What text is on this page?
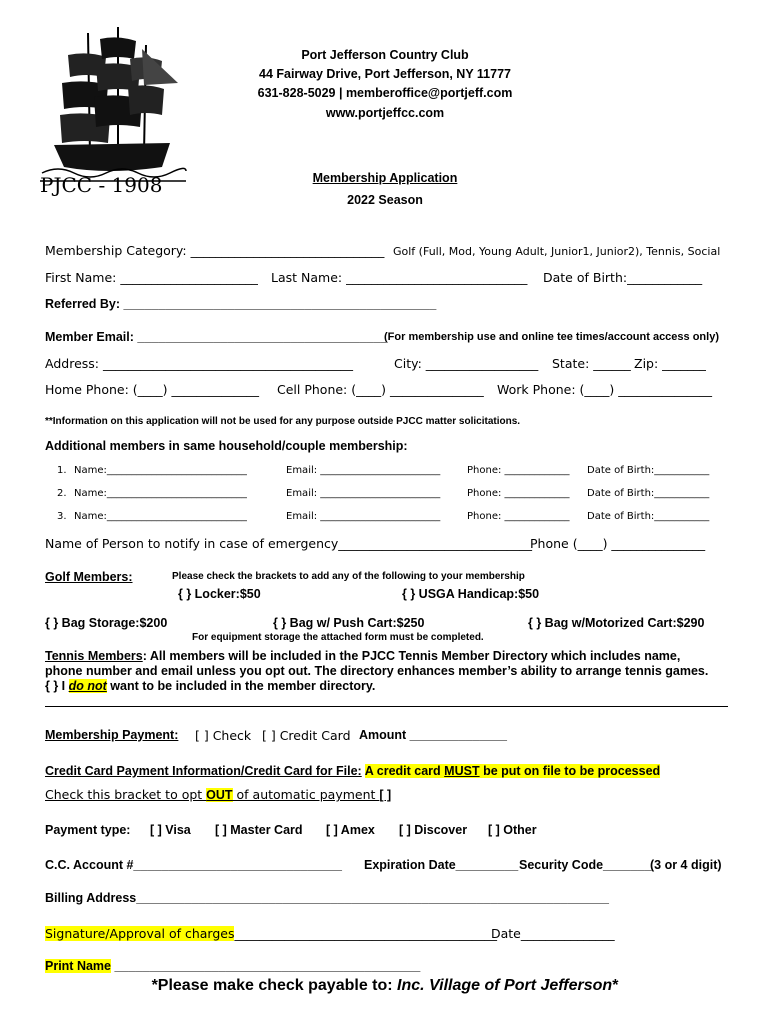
PJCC - 1908
Port Jefferson Country Club
44 Fairway Drive, Port Jefferson, NY 11777
631-828-5029 | memberoffice@portjeff.com
www.portjeffcc.com
Membership Application
2022 Season
Membership Category: _______________________________ Golf (Full, Mod, Young Adult, Junior1, Junior2), Tennis, Social
First Name: ______________________ Last Name: _____________________________ Date of Birth:____________
Referred By: _____________________________________________
Member Email: ____________________________________
(For membership use and online tee times/account access only)
Address: ________________________________________	City: __________________ State: ______ Zip: _______
Home Phone: (____) ______________ Cell Phone: (____) _______________ Work Phone: (____) _______________
**Information on this application will not be used for any purpose outside PJCC matter solicitations.
Additional members in same household/couple membership:
1. Name:____________________________	Email: ________________________	Phone: _____________ Date of Birth:___________
2. Name:____________________________	Email: ________________________	Phone: _____________ Date of Birth:___________
3. Name:____________________________	Email: ________________________	Phone: _____________ Date of Birth:___________
Name of Person to notify in case of emergency_______________________________
Phone (____) _______________
Golf Members:	Please check the brackets to add any of the following to your membership
{ } Locker:$50	{ } USGA Handicap:$50
{ } Bag Storage:$200	{ } Bag w/ Push Cart:$250	{ } Bag w/Motorized Cart:$290
For equipment storage the attached form must be completed.
Tennis Members: All members will be included in the PJCC Tennis Member Directory which includes name,
phone number and email unless you opt out. The directory enhances member’s ability to arrange tennis games.
{ } I do not want to be included in the member directory.
Membership Payment: [ ] Check [ ] Credit Card Amount ______________
Credit Card Payment Information/Credit Card for File: A credit card MUST be put on file to be processed
Check this bracket to opt OUT of automatic payment [ ]
Payment type: [ ] Visa [ ] Master Card [ ] Amex [ ] Discover [ ] Other
C.C. Account #______________________________ Expiration Date_________ Security Code_______
(3 or 4 digit)
Billing Address____________________________________________________________________
Signature/Approval of charges__________________________________________
Date_______________
Print Name ____________________________________________
*Please make check payable to: Inc. Village of Port Jefferson*
